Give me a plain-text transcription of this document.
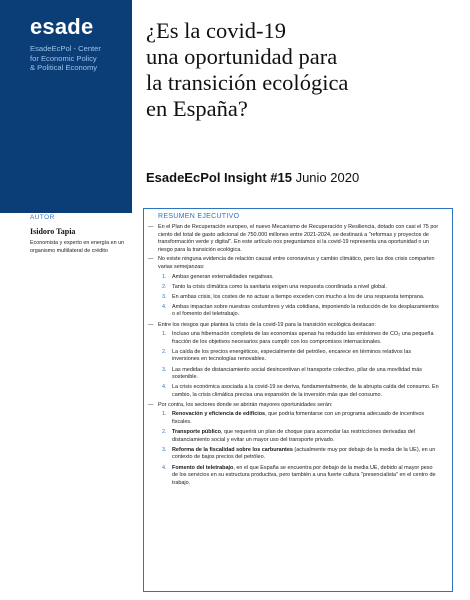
esade
EsadeEcPol - Center
for Economic Policy
& Political Economy
¿Es la covid-19
una oportunidad para
la transición ecológica
en España?
EsadeEcPol Insight #15 Junio 2020
AUTOR
Isidoro Tapia
Economista y experto en energía en un organismo multilateral de crédito
RESUMEN EJECUTIVO
— En el Plan de Recuperación europeo, el nuevo Mecanismo de Recuperación y Resiliencia, dotado con casi el 75 por ciento del total de gasto adicional de 750.000 millones entre 2021-2024, se destinará a "reformas y proyectos de transformación verde y digital". En este artículo nos preguntamos si la covid-19 representa una oportunidad o un riesgo para la transición ecológica.
— No existe ninguna evidencia de relación causal entre coronavirus y cambio climático, pero las dos crisis comparten varias semejanzas:
1. Ambas generan externalidades negativas.
2. Tanto la crisis climática como la sanitaria exigen una respuesta coordinada a nivel global.
3. En ambas crisis, los costes de no actuar a tiempo exceden con mucho a los de una respuesta temprana.
4. Ambas impactan sobre nuestras costumbres y vida cotidiana, imponiendo la reducción de los desplazamientos o el fomento del teletrabajo.
— Entre los riesgos que plantea la crisis de la covid-19 para la transición ecológica destacan:
1. Incluso una hibernación completa de las economías apenas ha reducido las emisiones de CO₂ una pequeña fracción de los objetivos necesarios para cumplir con los compromisos internacionales.
2. La caída de los precios energéticos, especialmente del petróleo, encarece en términos relativos las inversiones en tecnologías renovables.
3. Las medidas de distanciamiento social desincentivan el transporte colectivo, pilar de una movilidad más sostenible.
4. La crisis económica asociada a la covid-19 se deriva, fundamentalmente, de la abrupta caída del consumo. En cambio, la crisis climática precisa una expansión de la inversión más que del consumo.
— Por contra, los sectores donde se abrirán mayores oportunidades serán:
1. Renovación y eficiencia de edificios, que podría fomentarse con un programa adecuado de incentivos fiscales.
2. Transporte público, que requerirá un plan de choque para acomodar las restricciones derivadas del distanciamiento social y evitar un mayor uso del transporte privado.
3. Reforma de la fiscalidad sobre los carburantes (actualmente muy por debajo de la media de la UE), en un contexto de bajos precios del petróleo.
4. Fomento del teletrabajo, en el que España se encuentra por debajo de la media UE, debido al mayor peso de los servicios en su estructura productiva, pero también a una fuerte cultura "presencialista" en el centro de trabajo.
